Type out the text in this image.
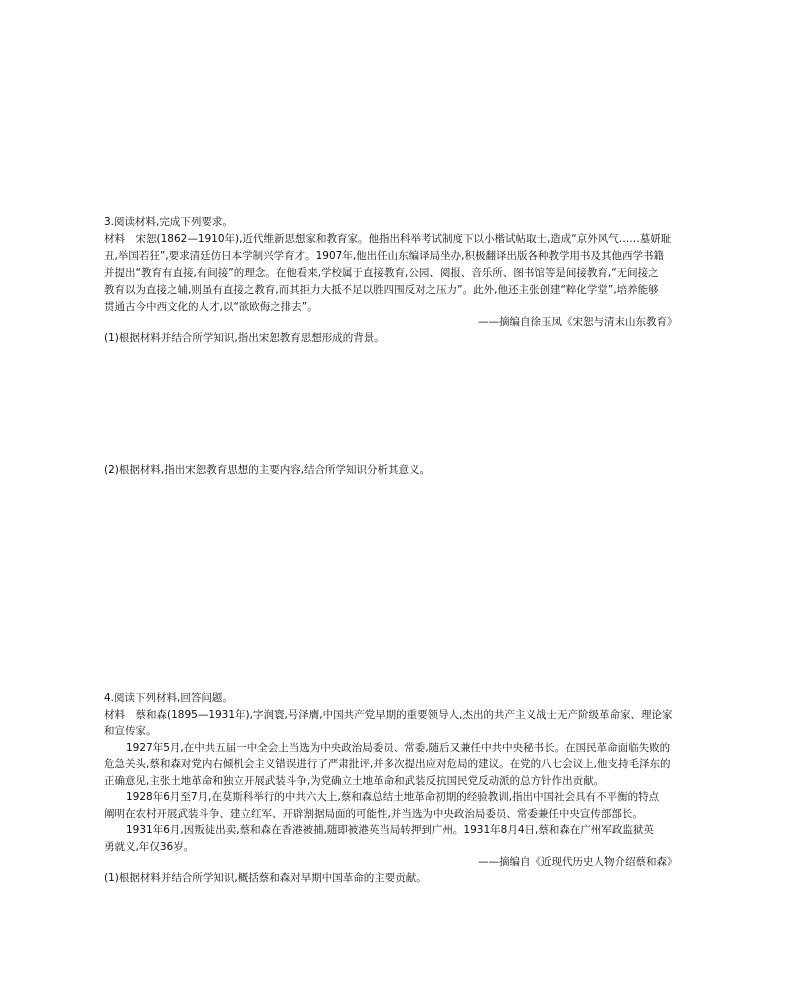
3.阅读材料,完成下列要求。
材料　宋恕(1862—1910年),近代维新思想家和教育家。他指出科举考试制度下以小楷试帖取士,造成“京外风气……墓妍耻
丑,举国若狂”,要求清廷仿日本学制兴学育才。1907年,他出任山东编译局坐办,积极翻译出版各种教学用书及其他西学书籍
并提出“教育有直接,有间接”的理念。在他看来,学校属于直接教育,公园、阅报、音乐所、图书馆等是间接教育,“无间接之
教育以为直接之辅,则虽有直接之教育,而其拒力大抵不足以胜四围反对之压力”。此外,他还主张创建“粹化学堂”,培养能够
贯通古今中西文化的人才,以“欲欧侮之排去”。
——摘编自徐玉凤《宋恕与清末山东教育》
(1)根据材料并结合所学知识,指出宋恕教育思想形成的背景。
(2)根据材料,指出宋恕教育思想的主要内容,结合所学知识分析其意义。
4.阅读下列材料,回答问题。
材料　蔡和森(1895—1931年),字润寰,号泽膺,中国共产党早期的重要领导人,杰出的共产主义战士无产阶级革命家、理论家
和宣传家。
1927年5月,在中共五届一中全会上当选为中央政治局委员、常委,随后又兼任中共中央秘书长。在国民革命面临失败的
危急关头,蔡和森对党内右倾机会主义错误进行了严肃批评,并多次提出应对危局的建议。在党的八七会议上,他支持毛泽东的
正确意见,主张土地革命和独立开展武装斗争,为党确立土地革命和武装反抗国民党反动派的总方针作出贡献。
1928年6月至7月,在莫斯科举行的中共六大上,蔡和森总结土地革命初期的经验教训,指出中国社会具有不平衡的特点
阐明在农村开展武装斗争、建立红军、开辟割据局面的可能性,并当选为中央政治局委员、常委兼任中央宣传部部长。
1931年6月,因叛徒出卖,蔡和森在香港被捕,随即被港英当局转押到广州。1931年8月4日,蔡和森在广州军政监狱英
勇就义,年仅36岁。
——摘编自《近现代历史人物介绍蔡和森》
(1)根据材料并结合所学知识,概括蔡和森对早期中国革命的主要贡献。
